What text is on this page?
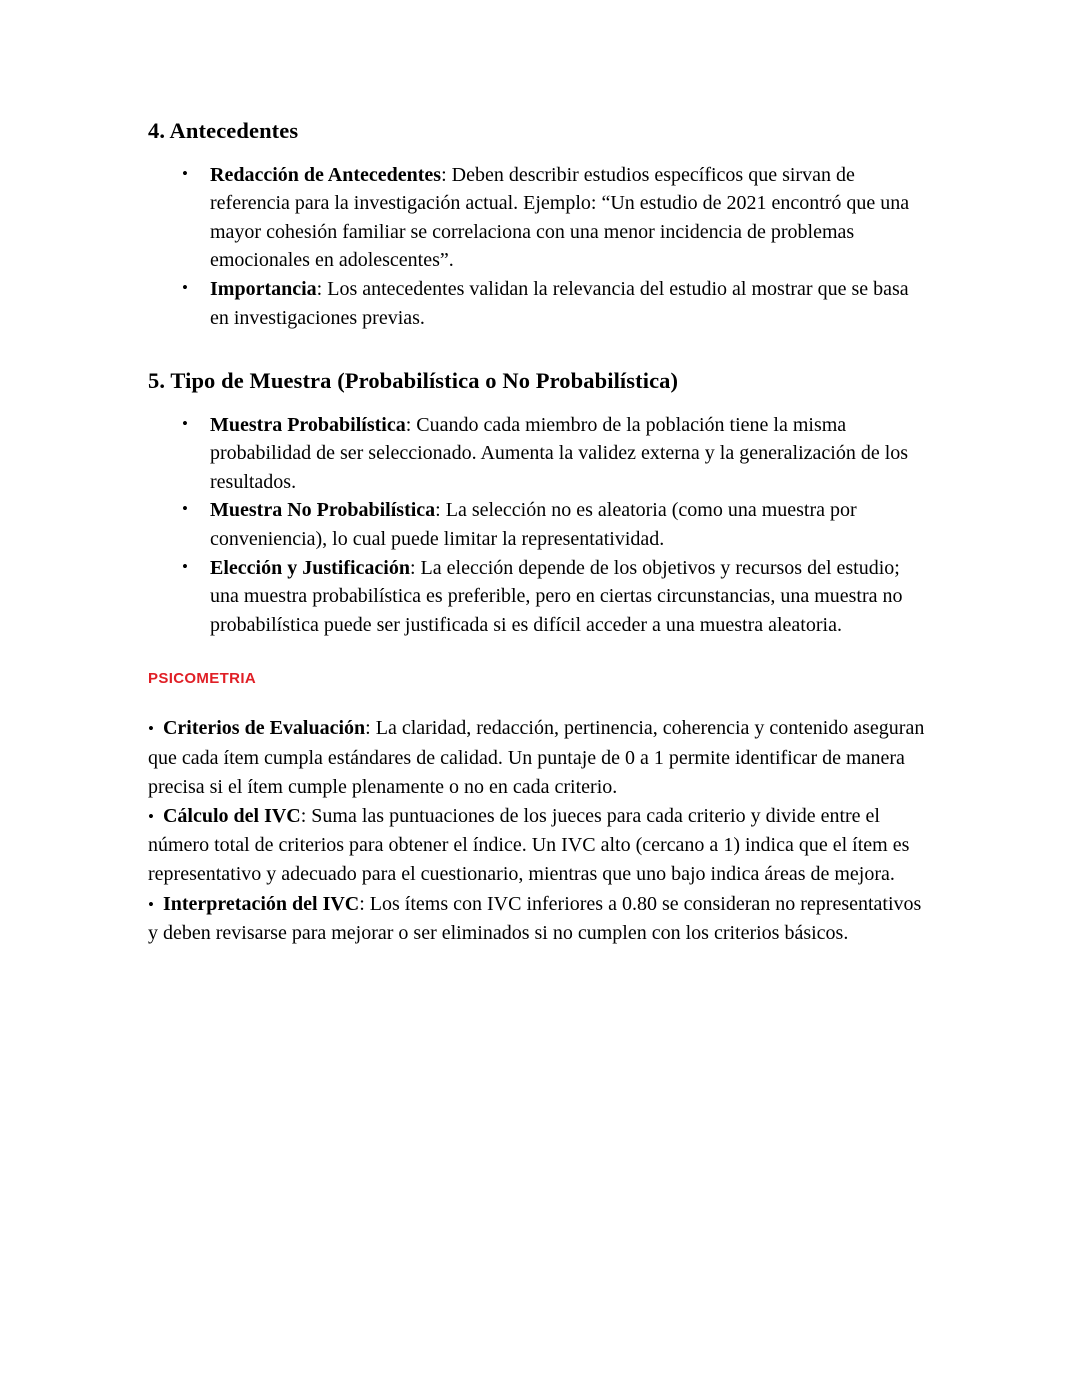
4. Antecedentes
• Redacción de Antecedentes: Deben describir estudios específicos que sirvan de referencia para la investigación actual. Ejemplo: “Un estudio de 2021 encontró que una mayor cohesión familiar se correlaciona con una menor incidencia de problemas emocionales en adolescentes”.
• Importancia: Los antecedentes validan la relevancia del estudio al mostrar que se basa en investigaciones previas.
5. Tipo de Muestra (Probabilística o No Probabilística)
• Muestra Probabilística: Cuando cada miembro de la población tiene la misma probabilidad de ser seleccionado. Aumenta la validez externa y la generalización de los resultados.
• Muestra No Probabilística: La selección no es aleatoria (como una muestra por conveniencia), lo cual puede limitar la representatividad.
• Elección y Justificación: La elección depende de los objetivos y recursos del estudio; una muestra probabilística es preferible, pero en ciertas circunstancias, una muestra no probabilística puede ser justificada si es difícil acceder a una muestra aleatoria.
PSICOMETRIA
• Criterios de Evaluación: La claridad, redacción, pertinencia, coherencia y contenido aseguran que cada ítem cumpla estándares de calidad. Un puntaje de 0 a 1 permite identificar de manera precisa si el ítem cumple plenamente o no en cada criterio.
• Cálculo del IVC: Suma las puntuaciones de los jueces para cada criterio y divide entre el número total de criterios para obtener el índice. Un IVC alto (cercano a 1) indica que el ítem es representativo y adecuado para el cuestionario, mientras que uno bajo indica áreas de mejora.
• Interpretación del IVC: Los ítems con IVC inferiores a 0.80 se consideran no representativos y deben revisarse para mejorar o ser eliminados si no cumplen con los criterios básicos.
